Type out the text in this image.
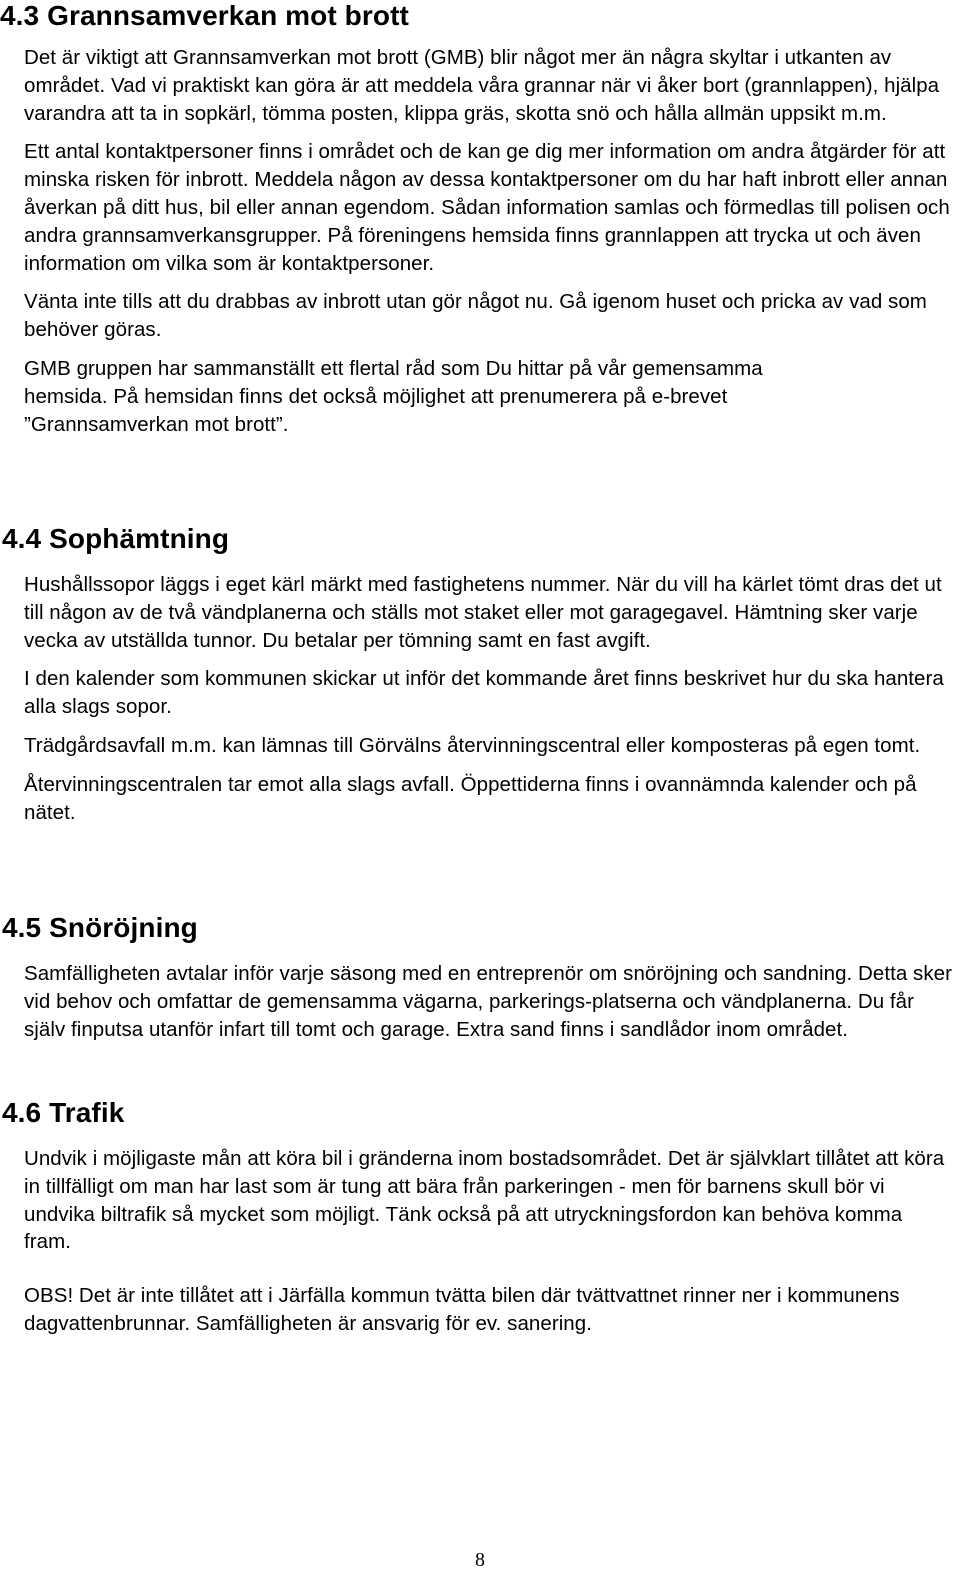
4.3 Grannsamverkan mot brott

Det är viktigt att Grannsamverkan mot brott (GMB) blir något mer än några skyltar i utkanten av området. Vad vi praktiskt kan göra är att meddela våra grannar när vi åker bort (grannlappen), hjälpa varandra att ta in sopkärl, tömma posten, klippa gräs, skotta snö och hålla allmän uppsikt m.m.

Ett antal kontaktpersoner finns i området och de kan ge dig mer information om andra åtgärder för att minska risken för inbrott. Meddela någon av dessa kontaktpersoner om du har haft inbrott eller annan åverkan på ditt hus, bil eller annan egendom. Sådan information samlas och förmedlas till polisen och andra grannsamverkansgrupper. På föreningens hemsida finns grannlappen att trycka ut och även information om vilka som är kontaktpersoner.

Vänta inte tills att du drabbas av inbrott utan gör något nu. Gå igenom huset och pricka av vad som behöver göras.

GMB gruppen har sammanställt ett flertal råd som Du hittar på vår gemensamma hemsida. På hemsidan finns det också möjlighet att prenumerera på e-brevet ”Grannsamverkan mot brott”.

4.4 Sophämtning

Hushållssopor läggs i eget kärl märkt med fastighetens nummer. När du vill ha kärlet tömt dras det ut till någon av de två vändplanerna och ställs mot staket eller mot garagegavel. Hämtning sker varje vecka av utställda tunnor. Du betalar per tömning samt en fast avgift.

I den kalender som kommunen skickar ut inför det kommande året finns beskrivet hur du ska hantera alla slags sopor.

Trädgårdsavfall m.m. kan lämnas till Görvälns återvinningscentral eller komposteras på egen tomt.

Återvinningscentralen tar emot alla slags avfall. Öppettiderna finns i ovannämnda kalender och på nätet.

4.5 Snöröjning

Samfälligheten avtalar inför varje säsong med en entreprenör om snöröjning och sandning. Detta sker vid behov och omfattar de gemensamma vägarna, parkerings-platserna och vändplanerna. Du får själv finputsa utanför infart till tomt och garage. Extra sand finns i sandlådor inom området.

4.6 Trafik

Undvik i möjligaste mån att köra bil i gränderna inom bostadsområdet. Det är självklart tillåtet att köra in tillfälligt om man har last som är tung att bära från parkeringen - men för barnens skull bör vi undvika biltrafik så mycket som möjligt. Tänk också på att utryckningsfordon kan behöva komma fram.

OBS! Det är inte tillåtet att i Järfälla kommun tvätta bilen där tvättvattnet rinner ner i kommunens dagvattenbrunnar. Samfälligheten är ansvarig för ev. sanering.

8
